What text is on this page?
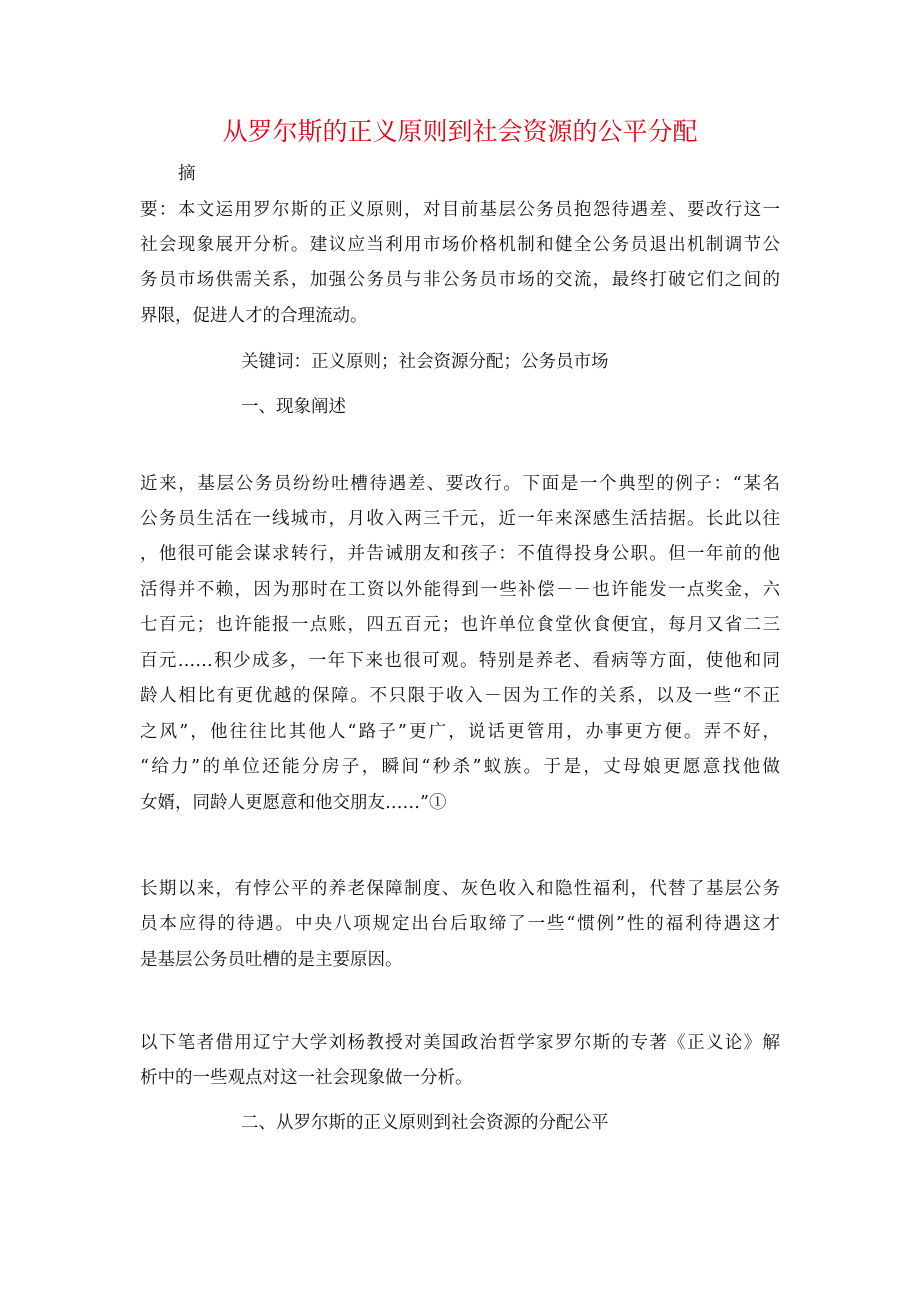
从罗尔斯的正义原则到社会资源的公平分配
摘
要：本文运用罗尔斯的正义原则，对目前基层公务员抱怨待遇差、要改行这一
社会现象展开分析。建议应当利用市场价格机制和健全公务员退出机制调节公
务员市场供需关系，加强公务员与非公务员市场的交流，最终打破它们之间的
界限，促进人才的合理流动。
关键词：正义原则；社会资源分配；公务员市场
一、现象阐述
近来，基层公务员纷纷吐槽待遇差、要改行。下面是一个典型的例子：“某名
公务员生活在一线城市，月收入两三千元，近一年来深感生活拮据。长此以往
，他很可能会谋求转行，并告诫朋友和孩子：不值得投身公职。但一年前的他
活得并不赖，因为那时在工资以外能得到一些补偿－－也许能发一点奖金，六
七百元；也许能报一点账，四五百元；也许单位食堂伙食便宜，每月又省二三
百元……积少成多，一年下来也很可观。特别是养老、看病等方面，使他和同
龄人相比有更优越的保障。不只限于收入－因为工作的关系，以及一些“不正
之风”，他往往比其他人“路子”更广，说话更管用，办事更方便。弄不好，
“给力”的单位还能分房子，瞬间“秒杀”蚁族。于是，丈母娘更愿意找他做
女婿，同龄人更愿意和他交朋友……”①
长期以来，有悖公平的养老保障制度、灰色收入和隐性福利，代替了基层公务
员本应得的待遇。中央八项规定出台后取缔了一些“惯例”性的福利待遇这才
是基层公务员吐槽的是主要原因。
以下笔者借用辽宁大学刘杨教授对美国政治哲学家罗尔斯的专著《正义论》解
析中的一些观点对这一社会现象做一分析。
二、从罗尔斯的正义原则到社会资源的分配公平
